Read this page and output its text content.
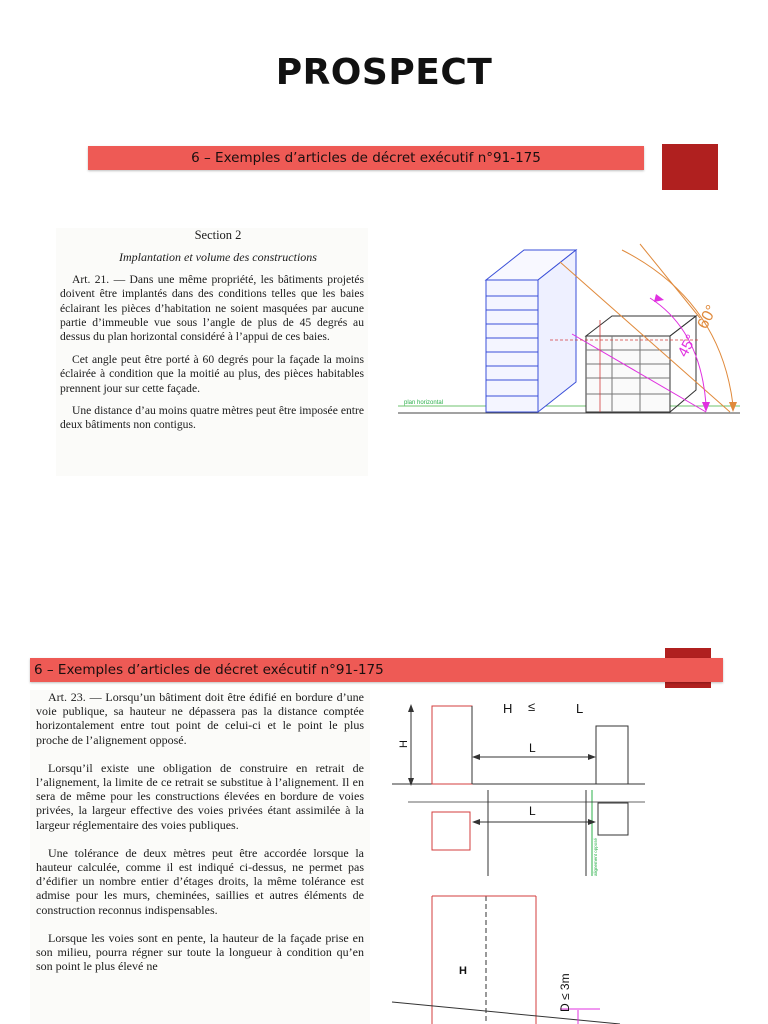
PROSPECT
6 – Exemples d’articles de décret exécutif n°91-175

Section 2

Implantation et volume des constructions

Art. 21. — Dans une même propriété, les bâtiments projetés doivent être implantés dans des conditions telles que les baies éclairant les pièces d’habitation ne soient masquées par aucune partie d’immeuble vue sous l’angle de plus de 45 degrés au dessus du plan horizontal considéré à l’appui de ces baies.

Cet angle peut être porté à 60 degrés pour la façade la moins éclairée à condition que la moitié au plus, des pièces habitables prennent jour sur cette façade.

Une distance d’au moins quatre mètres peut être imposée entre deux bâtiments non contigus.

60°
45°
plan horizontal
6 – Exemples d’articles de décret exécutif n°91-175

Art. 23. — Lorsqu’un bâtiment doit être édifié en bordure d’une voie publique, sa hauteur ne dépassera pas la distance comptée horizontalement entre tout point de celui-ci et le point le plus proche de l’alignement opposé.

Lorsqu’il existe une obligation de construire en retrait de l’alignement, la limite de ce retrait se substitue à l’alignement. Il en sera de même pour les constructions élevées en bordure de voies privées, la largeur effective des voies privées étant assimilée à la largeur réglementaire des voies publiques.

Une tolérance de deux mètres peut être accordée lorsque la hauteur calculée, comme il est indiqué ci-dessus, ne permet pas d’édifier un nombre entier d’étages droits, la même tolérance est admise pour les murs, cheminées, saillies et autres éléments de construction reconnus indispensables.

Lorsque les voies sont en pente, la hauteur de la façade prise en son milieu, pourra régner sur toute la longueur à condition qu’en son point le plus élevé ne

H ≤	L
H	L
L
alignement opposé
H
D ≤ 3m
